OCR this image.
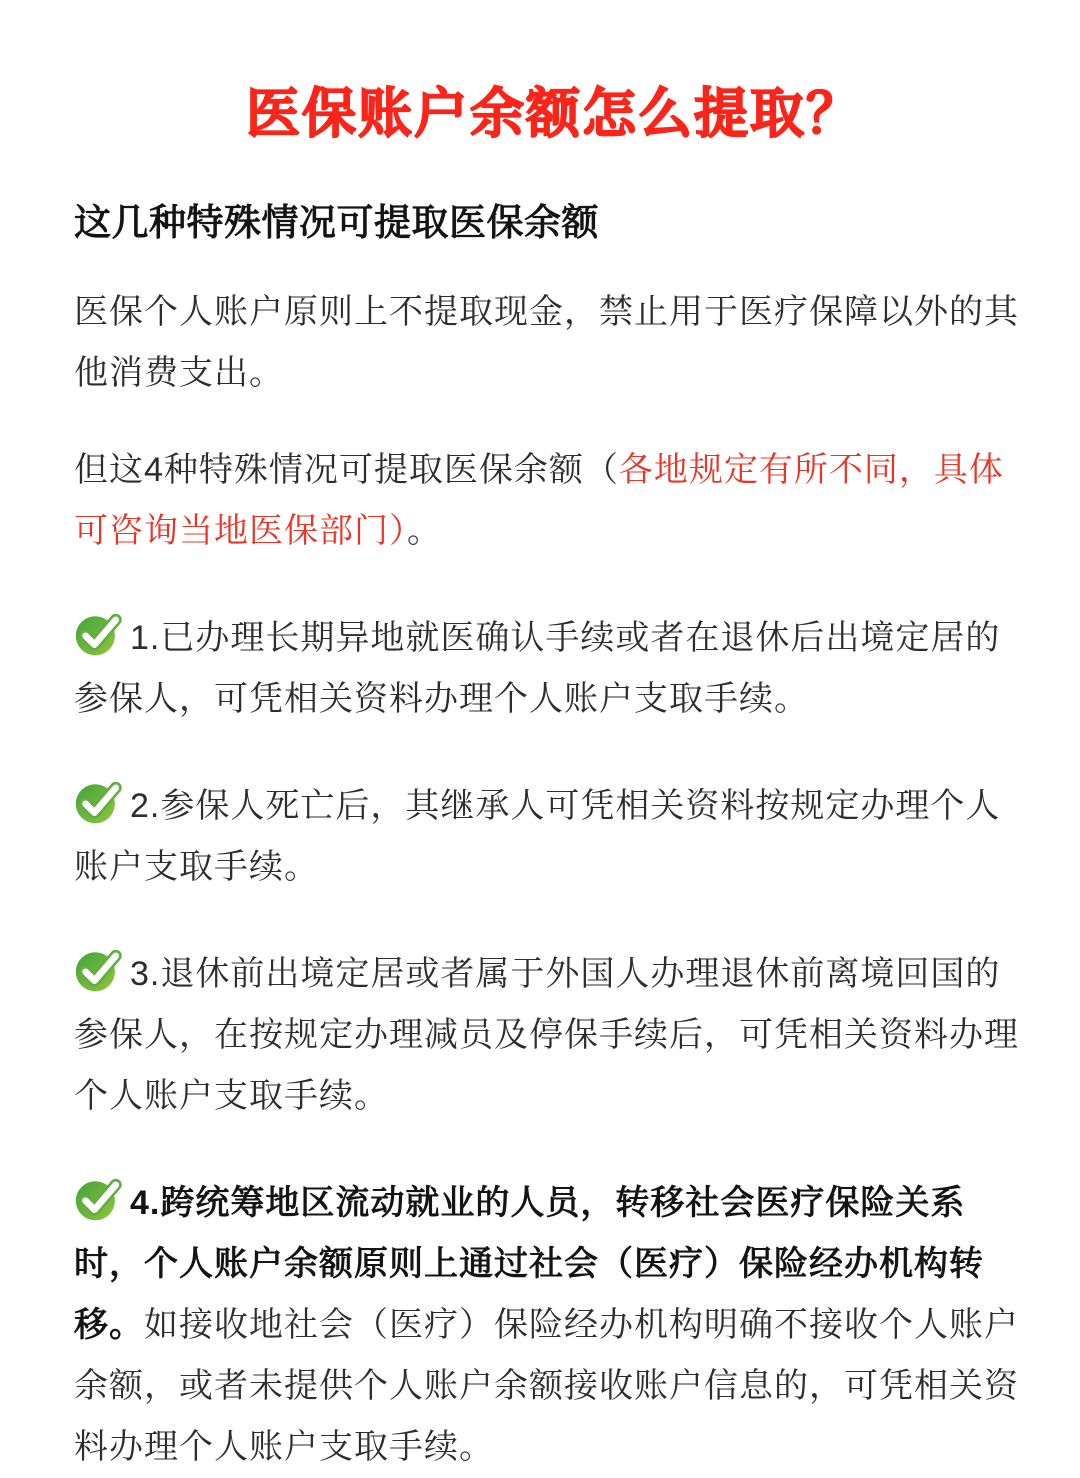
医保账户余额怎么提取？
这几种特殊情况可提取医保余额

医保个人账户原则上不提取现金，禁止用于医疗保障以外的其他消费支出。

但这4种特殊情况可提取医保余额（各地规定有所不同，具体可咨询当地医保部门）。

1.已办理长期异地就医确认手续或者在退休后出境定居的参保人，可凭相关资料办理个人账户支取手续。
2.参保人死亡后，其继承人可凭相关资料按规定办理个人账户支取手续。
3.退休前出境定居或者属于外国人办理退休前离境回国的参保人，在按规定办理减员及停保手续后，可凭相关资料办理个人账户支取手续。
4.跨统筹地区流动就业的人员，转移社会医疗保险关系时，个人账户余额原则上通过社会（医疗）保险经办机构转移。如接收地社会（医疗）保险经办机构明确不接收个人账户余额，或者未提供个人账户余额接收账户信息的，可凭相关资料办理个人账户支取手续。
